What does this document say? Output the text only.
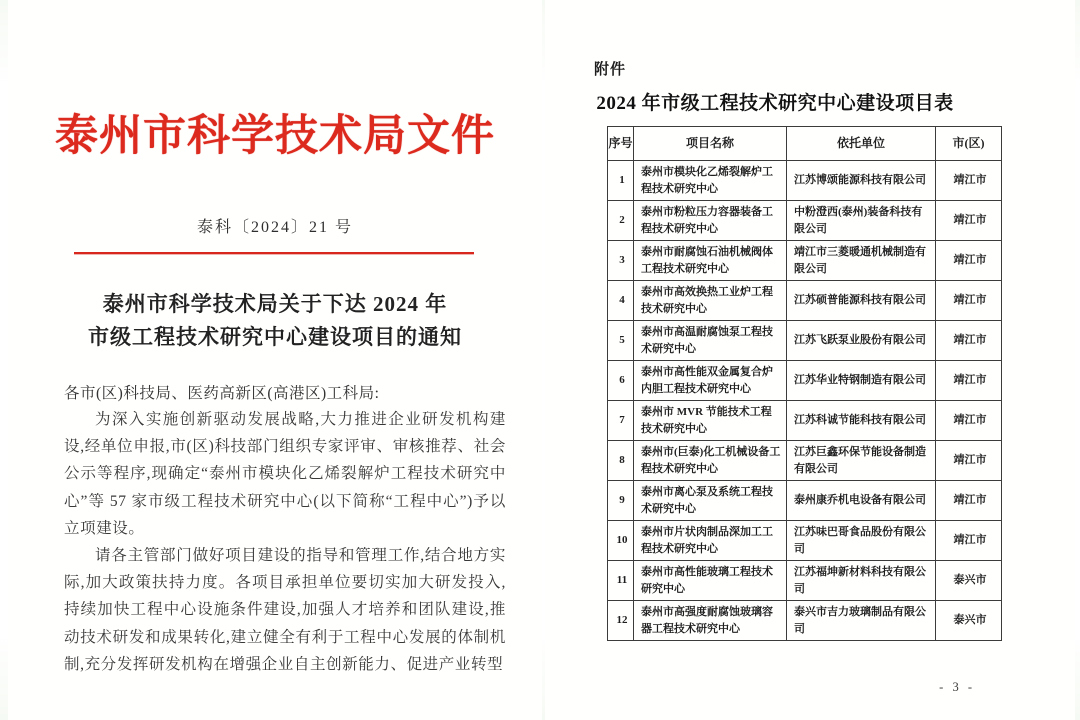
泰州市科学技术局文件
泰科〔2024〕21 号
泰州市科学技术局关于下达 2024 年
市级工程技术研究中心建设项目的通知
各市(区)科技局、医药高新区(高港区)工科局:

为深入实施创新驱动发展战略,大力推进企业研发机构建设,经单位申报,市(区)科技部门组织专家评审、审核推荐、社会公示等程序,现确定“泰州市模块化乙烯裂解炉工程技术研究中心”等 57 家市级工程技术研究中心(以下简称“工程中心”)予以立项建设。

请各主管部门做好项目建设的指导和管理工作,结合地方实际,加大政策扶持力度。各项目承担单位要切实加大研发投入,持续加快工程中心设施条件建设,加强人才培养和团队建设,推动技术研发和成果转化,建立健全有利于工程中心发展的体制机制,充分发挥研发机构在增强企业自主创新能力、促进产业转型

附件
2024 年市级工程技术研究中心建设项目表
序号	项目名称	依托单位	市(区)
1	泰州市模块化乙烯裂解炉工程技术研究中心	江苏博颂能源科技有限公司	靖江市
2	泰州市粉粒压力容器装备工程技术研究中心	中粉澄西(泰州)装备科技有限公司	靖江市
3	泰州市耐腐蚀石油机械阀体工程技术研究中心	靖江市三菱暖通机械制造有限公司	靖江市
4	泰州市高效换热工业炉工程技术研究中心	江苏硕普能源科技有限公司	靖江市
5	泰州市高温耐腐蚀泵工程技术研究中心	江苏飞跃泵业股份有限公司	靖江市
6	泰州市高性能双金属复合炉内胆工程技术研究中心	江苏华业特钢制造有限公司	靖江市
7	泰州市 MVR 节能技术工程技术研究中心	江苏科诚节能科技有限公司	靖江市
8	泰州市(巨泰)化工机械设备工程技术研究中心	江苏巨鑫环保节能设备制造有限公司	靖江市
9	泰州市离心泵及系统工程技术研究中心	泰州康乔机电设备有限公司	靖江市
10	泰州市片状肉制品深加工工程技术研究中心	江苏味巴哥食品股份有限公司	靖江市
11	泰州市高性能玻璃工程技术研究中心	江苏福坤新材料科技有限公司	泰兴市
12	泰州市高强度耐腐蚀玻璃容器工程技术研究中心	泰兴市吉力玻璃制品有限公司	泰兴市
- 3 -
